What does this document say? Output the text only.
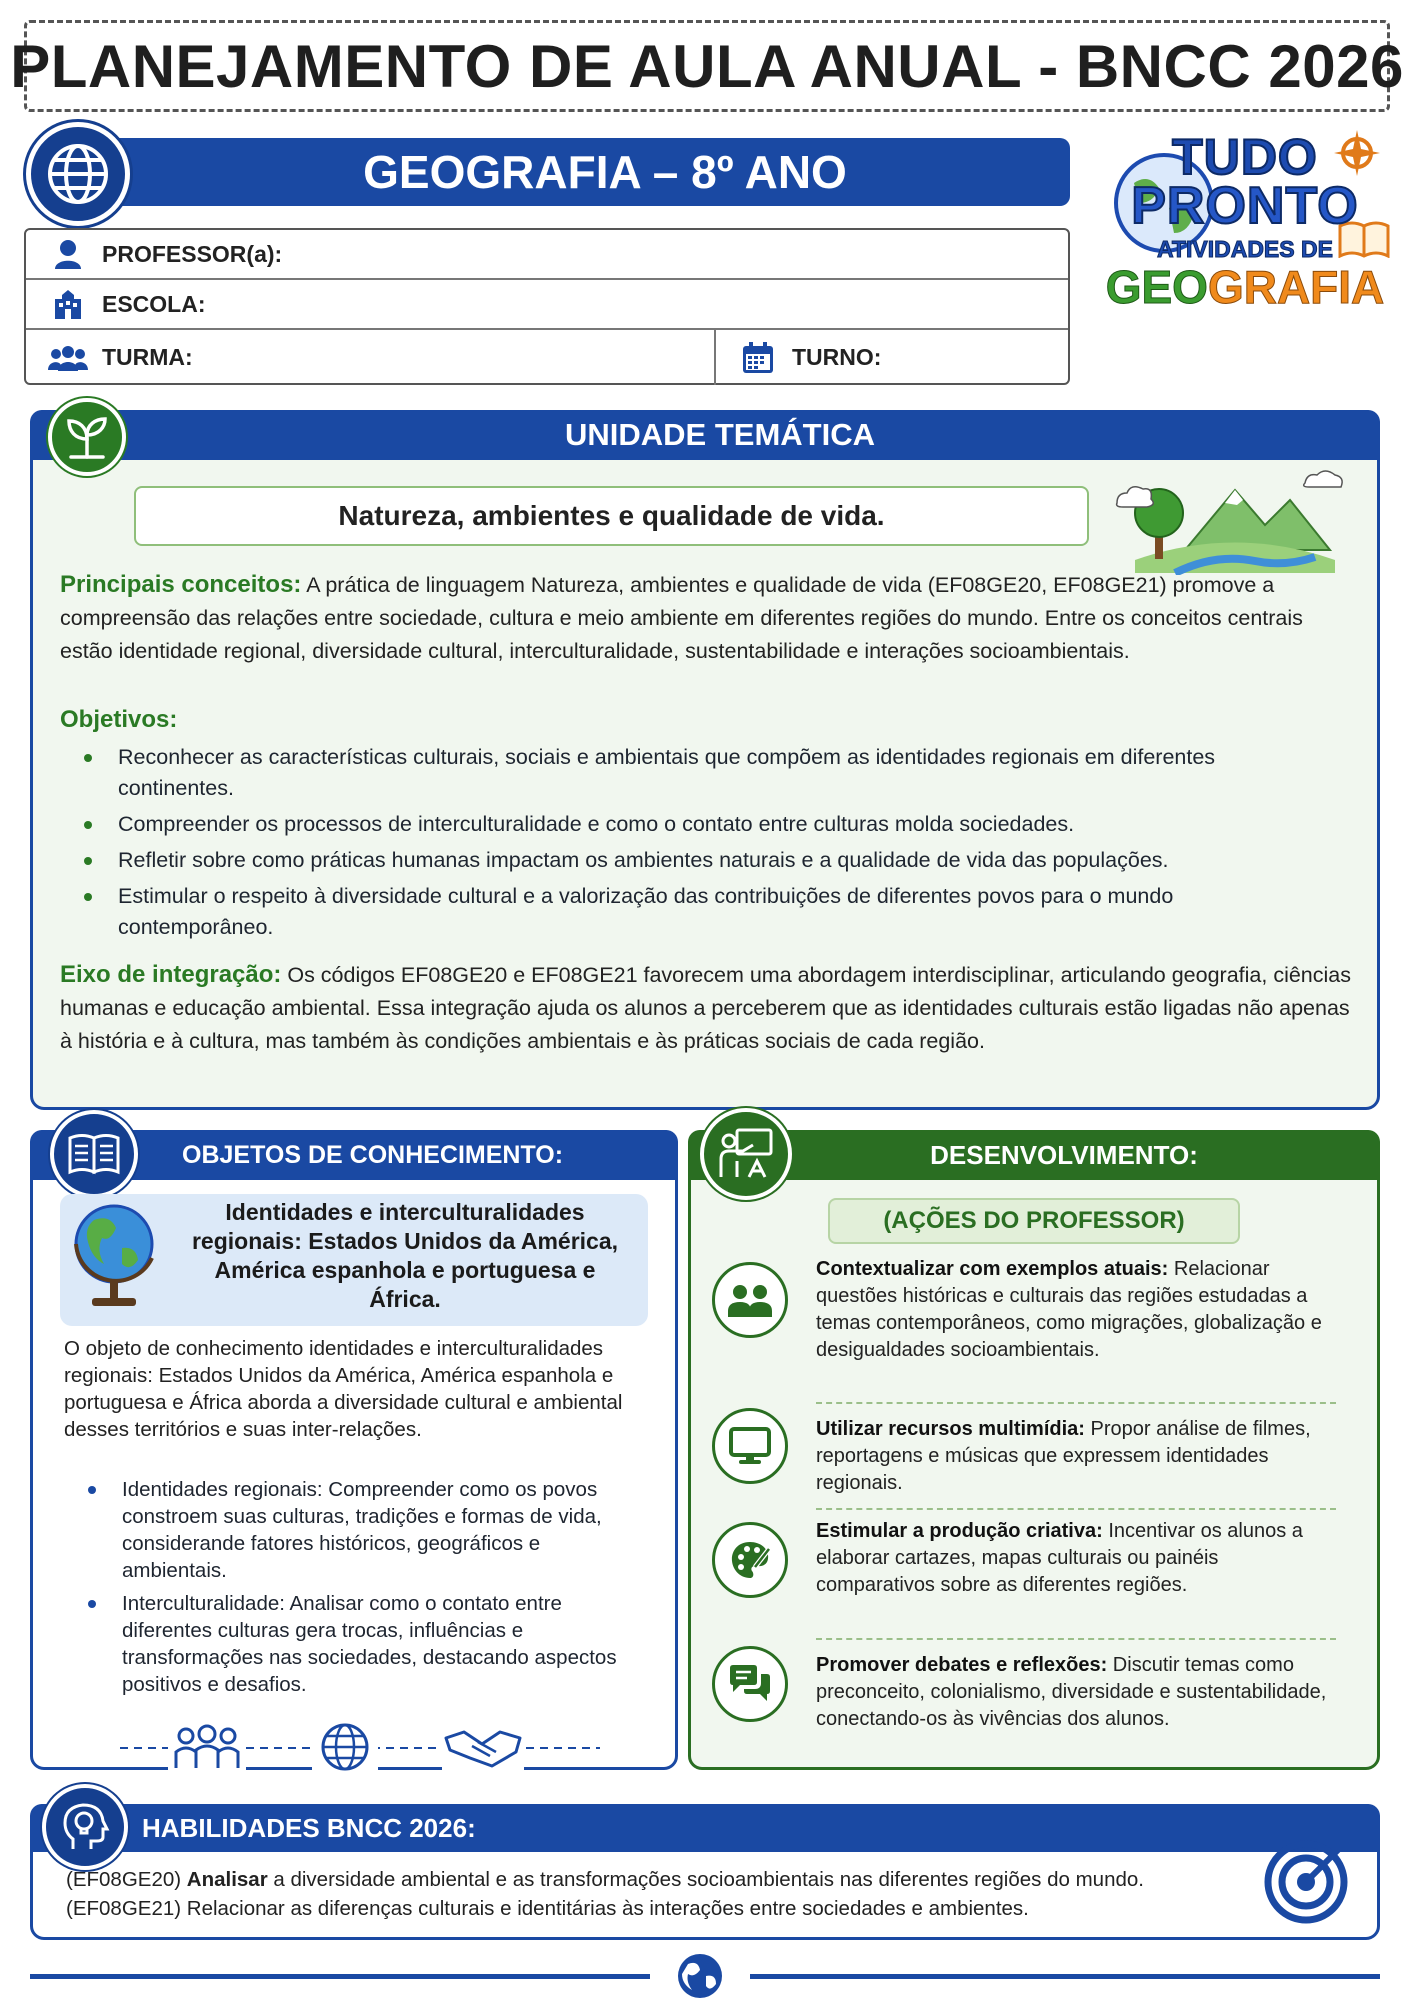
PLANEJAMENTO DE AULA ANUAL - BNCC 2026
GEOGRAFIA – 8º ANO
PROFESSOR(a):
ESCOLA:
TURMA:	TURNO:
TUDO
PRONTO
ATIVIDADES DE
GEOGRAFIA
UNIDADE TEMÁTICA
Natureza, ambientes e qualidade de vida.
Principais conceitos: A prática de linguagem Natureza, ambientes e qualidade de vida (EF08GE20, EF08GE21) promove a compreensão das relações entre sociedade, cultura e meio ambiente em diferentes regiões do mundo. Entre os conceitos centrais estão identidade regional, diversidade cultural, interculturalidade, sustentabilidade e interações socioambientais.
Objetivos:
Reconhecer as características culturais, sociais e ambientais que compõem as identidades regionais em diferentes continentes.
Compreender os processos de interculturalidade e como o contato entre culturas molda sociedades.
Refletir sobre como práticas humanas impactam os ambientes naturais e a qualidade de vida das populações.
Estimular o respeito à diversidade cultural e a valorização das contribuições de diferentes povos para o mundo contemporâneo.
Eixo de integração: Os códigos EF08GE20 e EF08GE21 favorecem uma abordagem interdisciplinar, articulando geografia, ciências humanas e educação ambiental. Essa integração ajuda os alunos a perceberem que as identidades culturais estão ligadas não apenas à história e à cultura, mas também às condições ambientais e às práticas sociais de cada região.
OBJETOS DE CONHECIMENTO:
Identidades e interculturalidades regionais: Estados Unidos da América, América espanhola e portuguesa e África.
O objeto de conhecimento identidades e interculturalidades regionais: Estados Unidos da América, América espanhola e portuguesa e África aborda a diversidade cultural e ambiental desses territórios e suas inter-relações.
Identidades regionais: Compreender como os povos constroem suas culturas, tradições e formas de vida, considerande fatores históricos, geográficos e ambientais.
Interculturalidade: Analisar como o contato entre diferentes culturas gera trocas, influências e transformações nas sociedades, destacando aspectos positivos e desafios.
DESENVOLVIMENTO:
(AÇÕES DO PROFESSOR)
Contextualizar com exemplos atuais: Relacionar questões históricas e culturais das regiões estudadas a temas contemporâneos, como migrações, globalização e desigualdades socioambientais.
Utilizar recursos multimídia: Propor análise de filmes, reportagens e músicas que expressem identidades regionais.
Estimular a produção criativa: Incentivar os alunos a elaborar cartazes, mapas culturais ou painéis comparativos sobre as diferentes regiões.
Promover debates e reflexões: Discutir temas como preconceito, colonialismo, diversidade e sustentabilidade, conectando-os às vivências dos alunos.
HABILIDADES BNCC 2026:
(EF08GE20) Analisar a diversidade ambiental e as transformações socioambientais nas diferentes regiões do mundo.
(EF08GE21) Relacionar as diferenças culturais e identitárias às interações entre sociedades e ambientes.
